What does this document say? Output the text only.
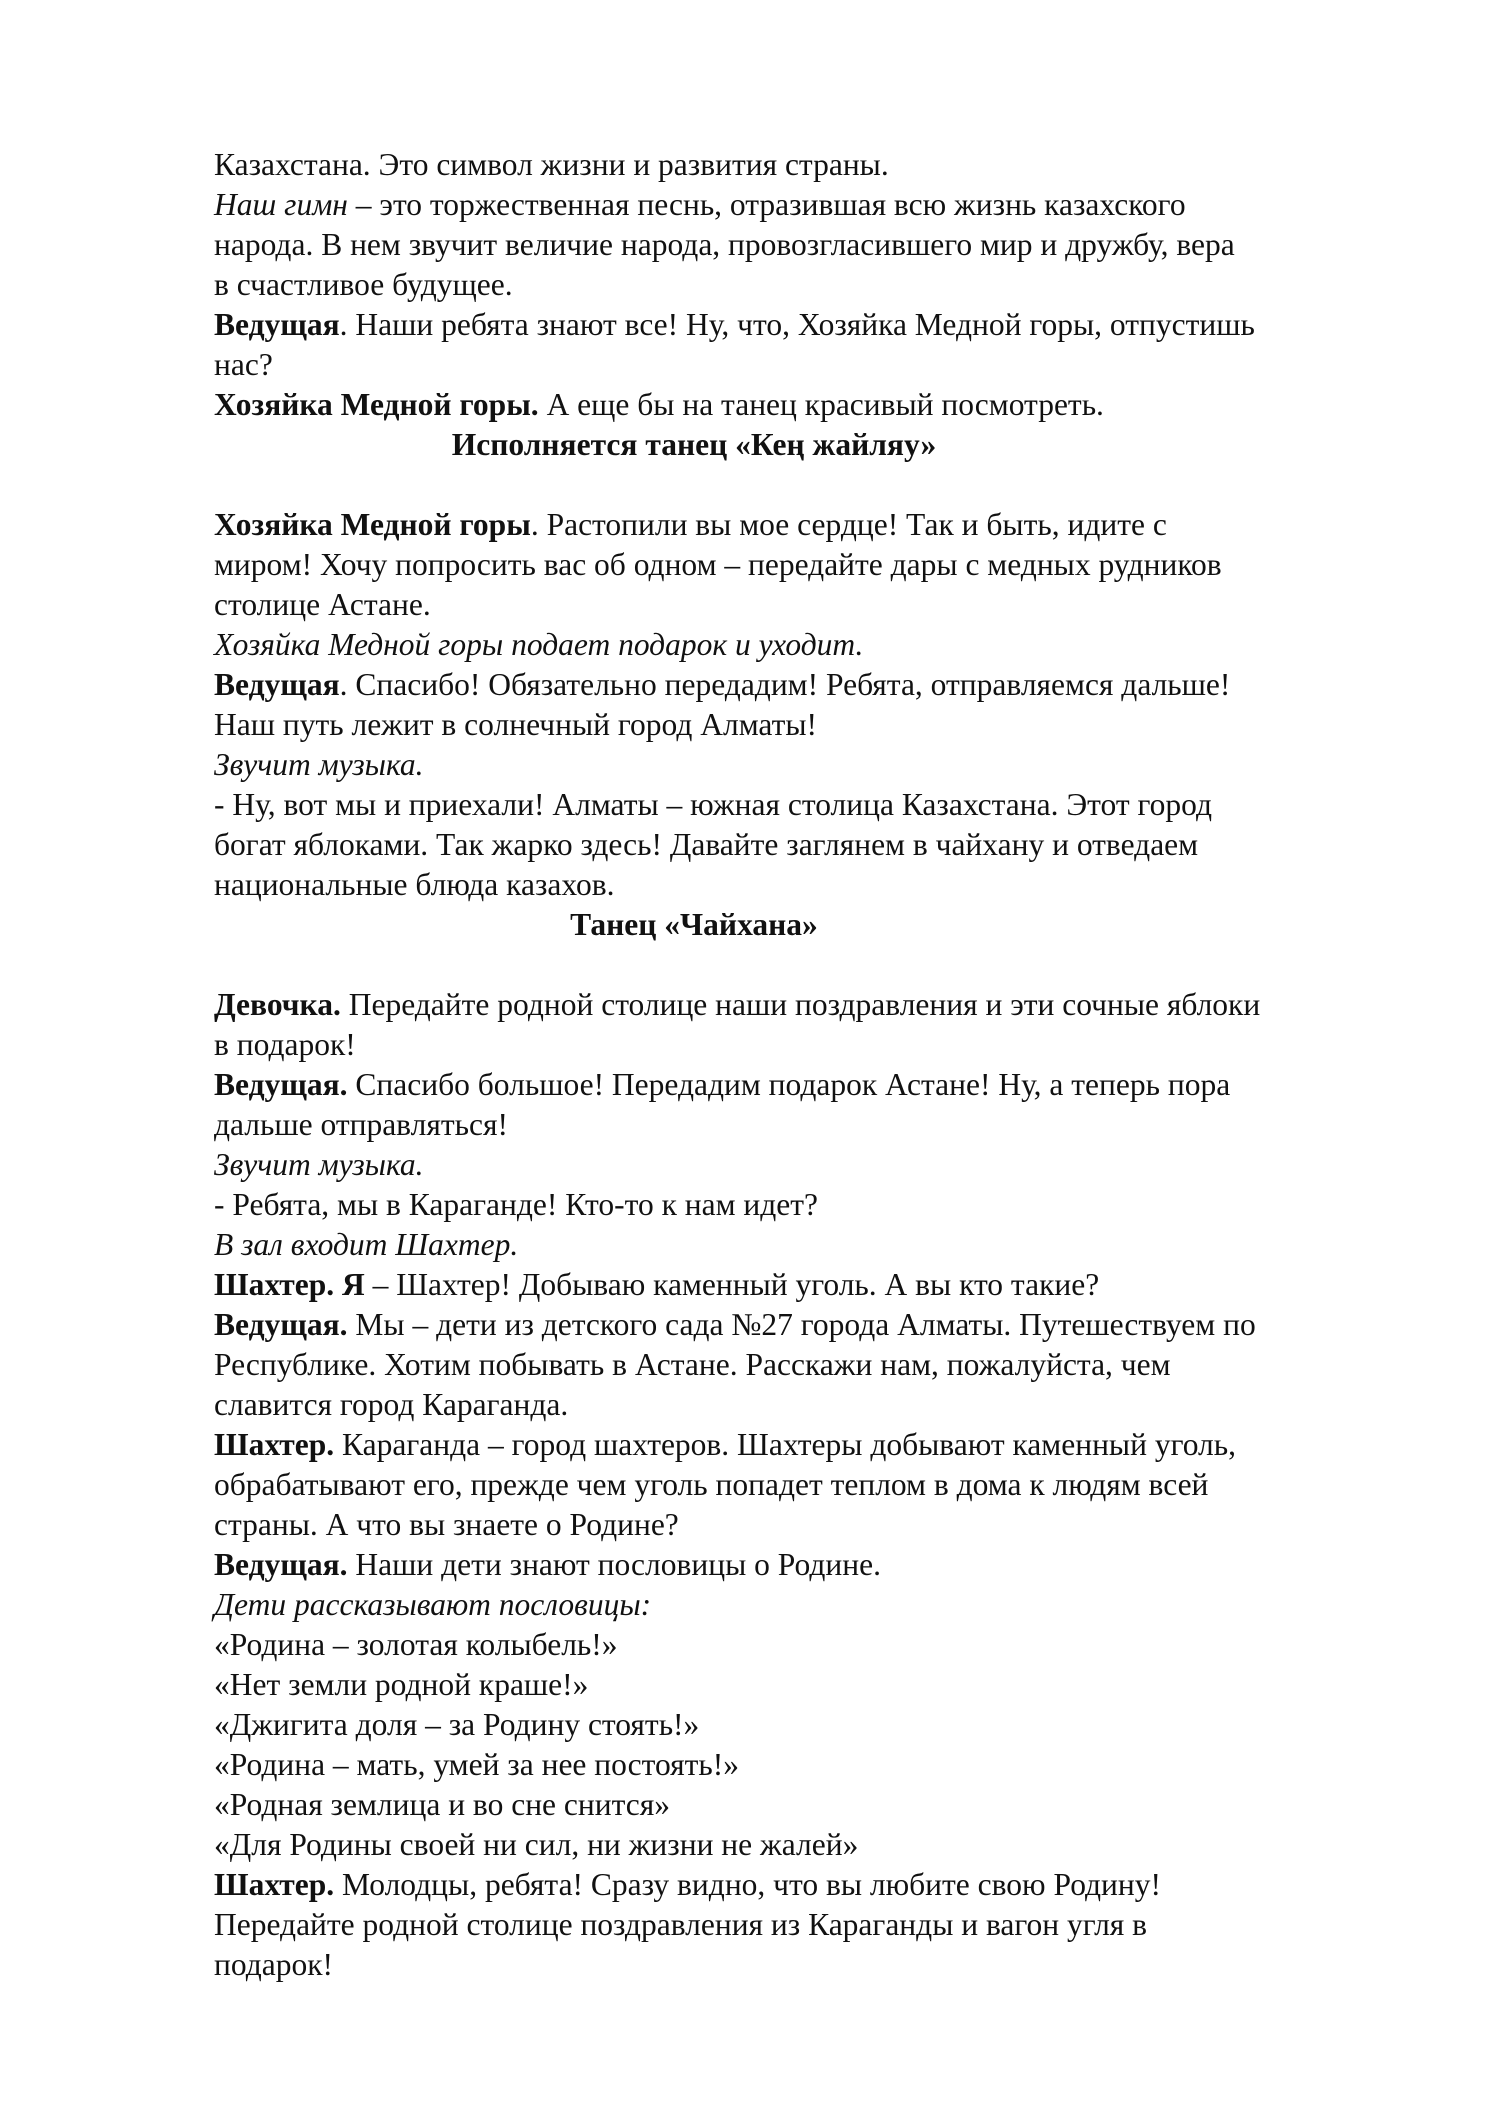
Казахстана. Это символ жизни и развития страны.
Наш гимн – это торжественная песнь, отразившая всю жизнь казахского
народа. В нем звучит величие народа, провозгласившего мир и дружбу, вера
в счастливое будущее.
Ведущая. Наши ребята знают все! Ну, что, Хозяйка Медной горы, отпустишь
нас?
Хозяйка Медной горы. А еще бы на танец красивый посмотреть.
Исполняется танец «Кең жайляу»
Хозяйка Медной горы. Растопили вы мое сердце! Так и быть, идите с
миром! Хочу попросить вас об одном – передайте дары с медных рудников
столице Астане.
Хозяйка Медной горы подает подарок и уходит.
Ведущая. Спасибо! Обязательно передадим! Ребята, отправляемся дальше!
Наш путь лежит в солнечный город Алматы!
Звучит музыка.
- Ну, вот мы и приехали! Алматы – южная столица Казахстана. Этот город
богат яблоками. Так жарко здесь! Давайте заглянем в чайхану и отведаем
национальные блюда казахов.
Танец «Чайхана»
Девочка. Передайте родной столице наши поздравления и эти сочные яблоки
в подарок!
Ведущая. Спасибо большое! Передадим подарок Астане! Ну, а теперь пора
дальше отправляться!
Звучит музыка.
- Ребята, мы в Караганде! Кто-то к нам идет?
В зал входит Шахтер.
Шахтер. Я – Шахтер! Добываю каменный уголь. А вы кто такие?
Ведущая. Мы – дети из детского сада №27 города Алматы. Путешествуем по
Республике. Хотим побывать в Астане. Расскажи нам, пожалуйста, чем
славится город Караганда.
Шахтер. Караганда – город шахтеров. Шахтеры добывают каменный уголь,
обрабатывают его, прежде чем уголь попадет теплом в дома к людям всей
страны. А что вы знаете о Родине?
Ведущая. Наши дети знают пословицы о Родине.
Дети рассказывают пословицы:
«Родина – золотая колыбель!»
«Нет земли родной краше!»
«Джигита доля – за Родину стоять!»
«Родина – мать, умей за нее постоять!»
«Родная землица и во сне снится»
«Для Родины своей ни сил, ни жизни не жалей»
Шахтер. Молодцы, ребята! Сразу видно, что вы любите свою Родину!
Передайте родной столице поздравления из Караганды и вагон угля в
подарок!
